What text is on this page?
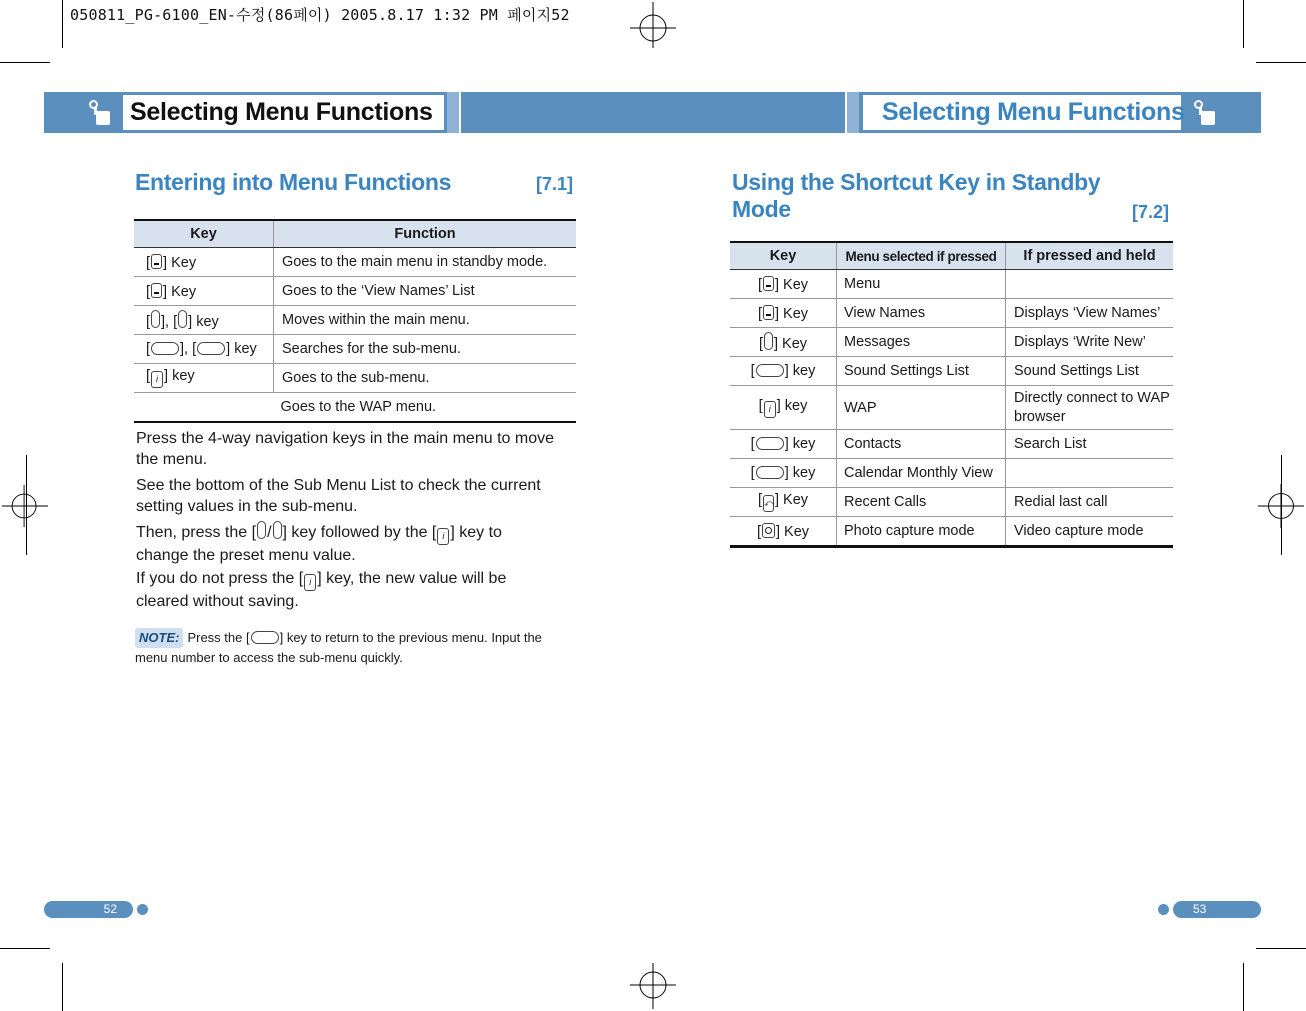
050811_PG-6100_EN-수정(86페이) 2005.8.17 1:32 PM 페이지52
Selecting Menu Functions	Selecting Menu Functions
Entering into Menu Functions	[7.1]
Key	Function
[ ] Key	Goes to the main menu in standby mode.
[ ] Key	Goes to the ‘View Names’ List
[ ], [ ] key	Moves within the main menu.
[ ], [ ] key	Searches for the sub-menu.
[ i ] key	Goes to the sub-menu.
	Goes to the WAP menu.
Press the 4-way navigation keys in the main menu to move the menu.
See the bottom of the Sub Menu List to check the current setting values in the sub-menu.
Then, press the [ / ] key followed by the [ i ] key to change the preset menu value.
If you do not press the [ i ] key, the new value will be cleared without saving.
NOTE: Press the [ ] key to return to the previous menu. Input the menu number to access the sub-menu quickly.
52
Using the Shortcut Key in Standby
Mode	[7.2]
Key	Menu selected if pressed	If pressed and held
[ ] Key	Menu	
[ ] Key	View Names	Displays ‘View Names’
[ ] Key	Messages	Displays ‘Write New’
[ ] key	Sound Settings List	Sound Settings List
[ i ] key	WAP	Directly connect to WAP browser
[ ] key	Contacts	Search List
[ ] key	Calendar Monthly View	
[ ⤺] Key	Recent Calls	Redial last call
[ ] Key	Photo capture mode	Video capture mode
53
